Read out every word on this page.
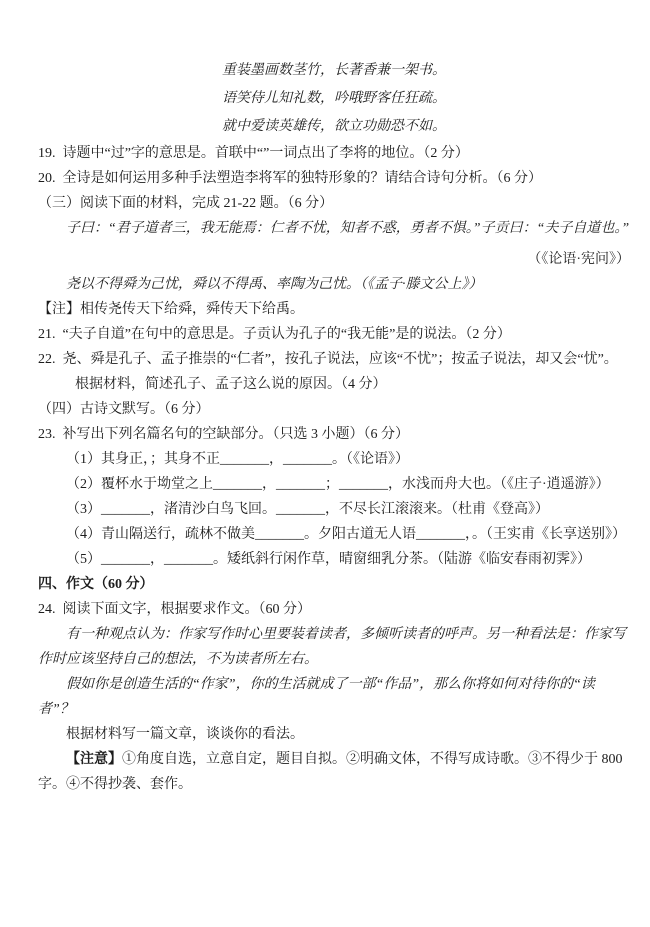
重装墨画数茎竹，长著香兼一架书。

语笑侍儿知礼数，吟哦野客任狂疏。

就中爱读英雄传，欲立功勋恐不如。

19. 诗题中“过”字的意思是。首联中“”一词点出了李将的地位。（2 分）

20. 全诗是如何运用多种手法塑造李将军的独特形象的？请结合诗句分析。（6 分）

（三）阅读下面的材料，完成 21-22 题。（6 分）

子曰：“君子道者三，我无能焉：仁者不忧，知者不惑，勇者不惧。”子贡曰：“夫子自道也。”

（《论语·宪问》）

尧以不得舜为己忧，舜以不得禹、率陶为己忧。（《孟子·滕文公上》）

【注】相传尧传天下给舜，舜传天下给禹。

21. “夫子自道”在句中的意思是。子贡认为孔子的“我无能”是的说法。（2 分）

22. 尧、舜是孔子、孟子推崇的“仁者”，按孔子说法，应该“不忧”；按孟子说法，却又会“忧”。根据材料，简述孔子、孟子这么说的原因。（4 分）

（四）古诗文默写。（6 分）

23. 补写出下列名篇名句的空缺部分。（只选 3 小题）（6 分）

（1）其身正，；其身不正_______，_______。（《论语》）

（2）覆杯水于坳堂之上_______，_______；_______，水浅而舟大也。（《庄子·逍遥游》）

（3）_______，渚清沙白鸟飞回。_______，不尽长江滚滚来。（杜甫《登高》）

（4）青山隔送行，疏林不做美_______。夕阳古道无人语_______，。（王实甫《长享送别》）

（5）_______，_______。矮纸斜行闲作草，晴窗细乳分茶。（陆游《临安春雨初霁》）

四、作文（60 分）

24. 阅读下面文字，根据要求作文。（60 分）

有一种观点认为：作家写作时心里要装着读者，多倾听读者的呼声。另一种看法是：作家写作时应该坚持自己的想法，不为读者所左右。

假如你是创造生活的“作家”，你的生活就成了一部“作品”，那么你将如何对待你的“读者”？

根据材料写一篇文章，谈谈你的看法。

【注意】①角度自选，立意自定，题目自拟。②明确文体，不得写成诗歌。③不得少于 800 字。④不得抄袭、套作。
